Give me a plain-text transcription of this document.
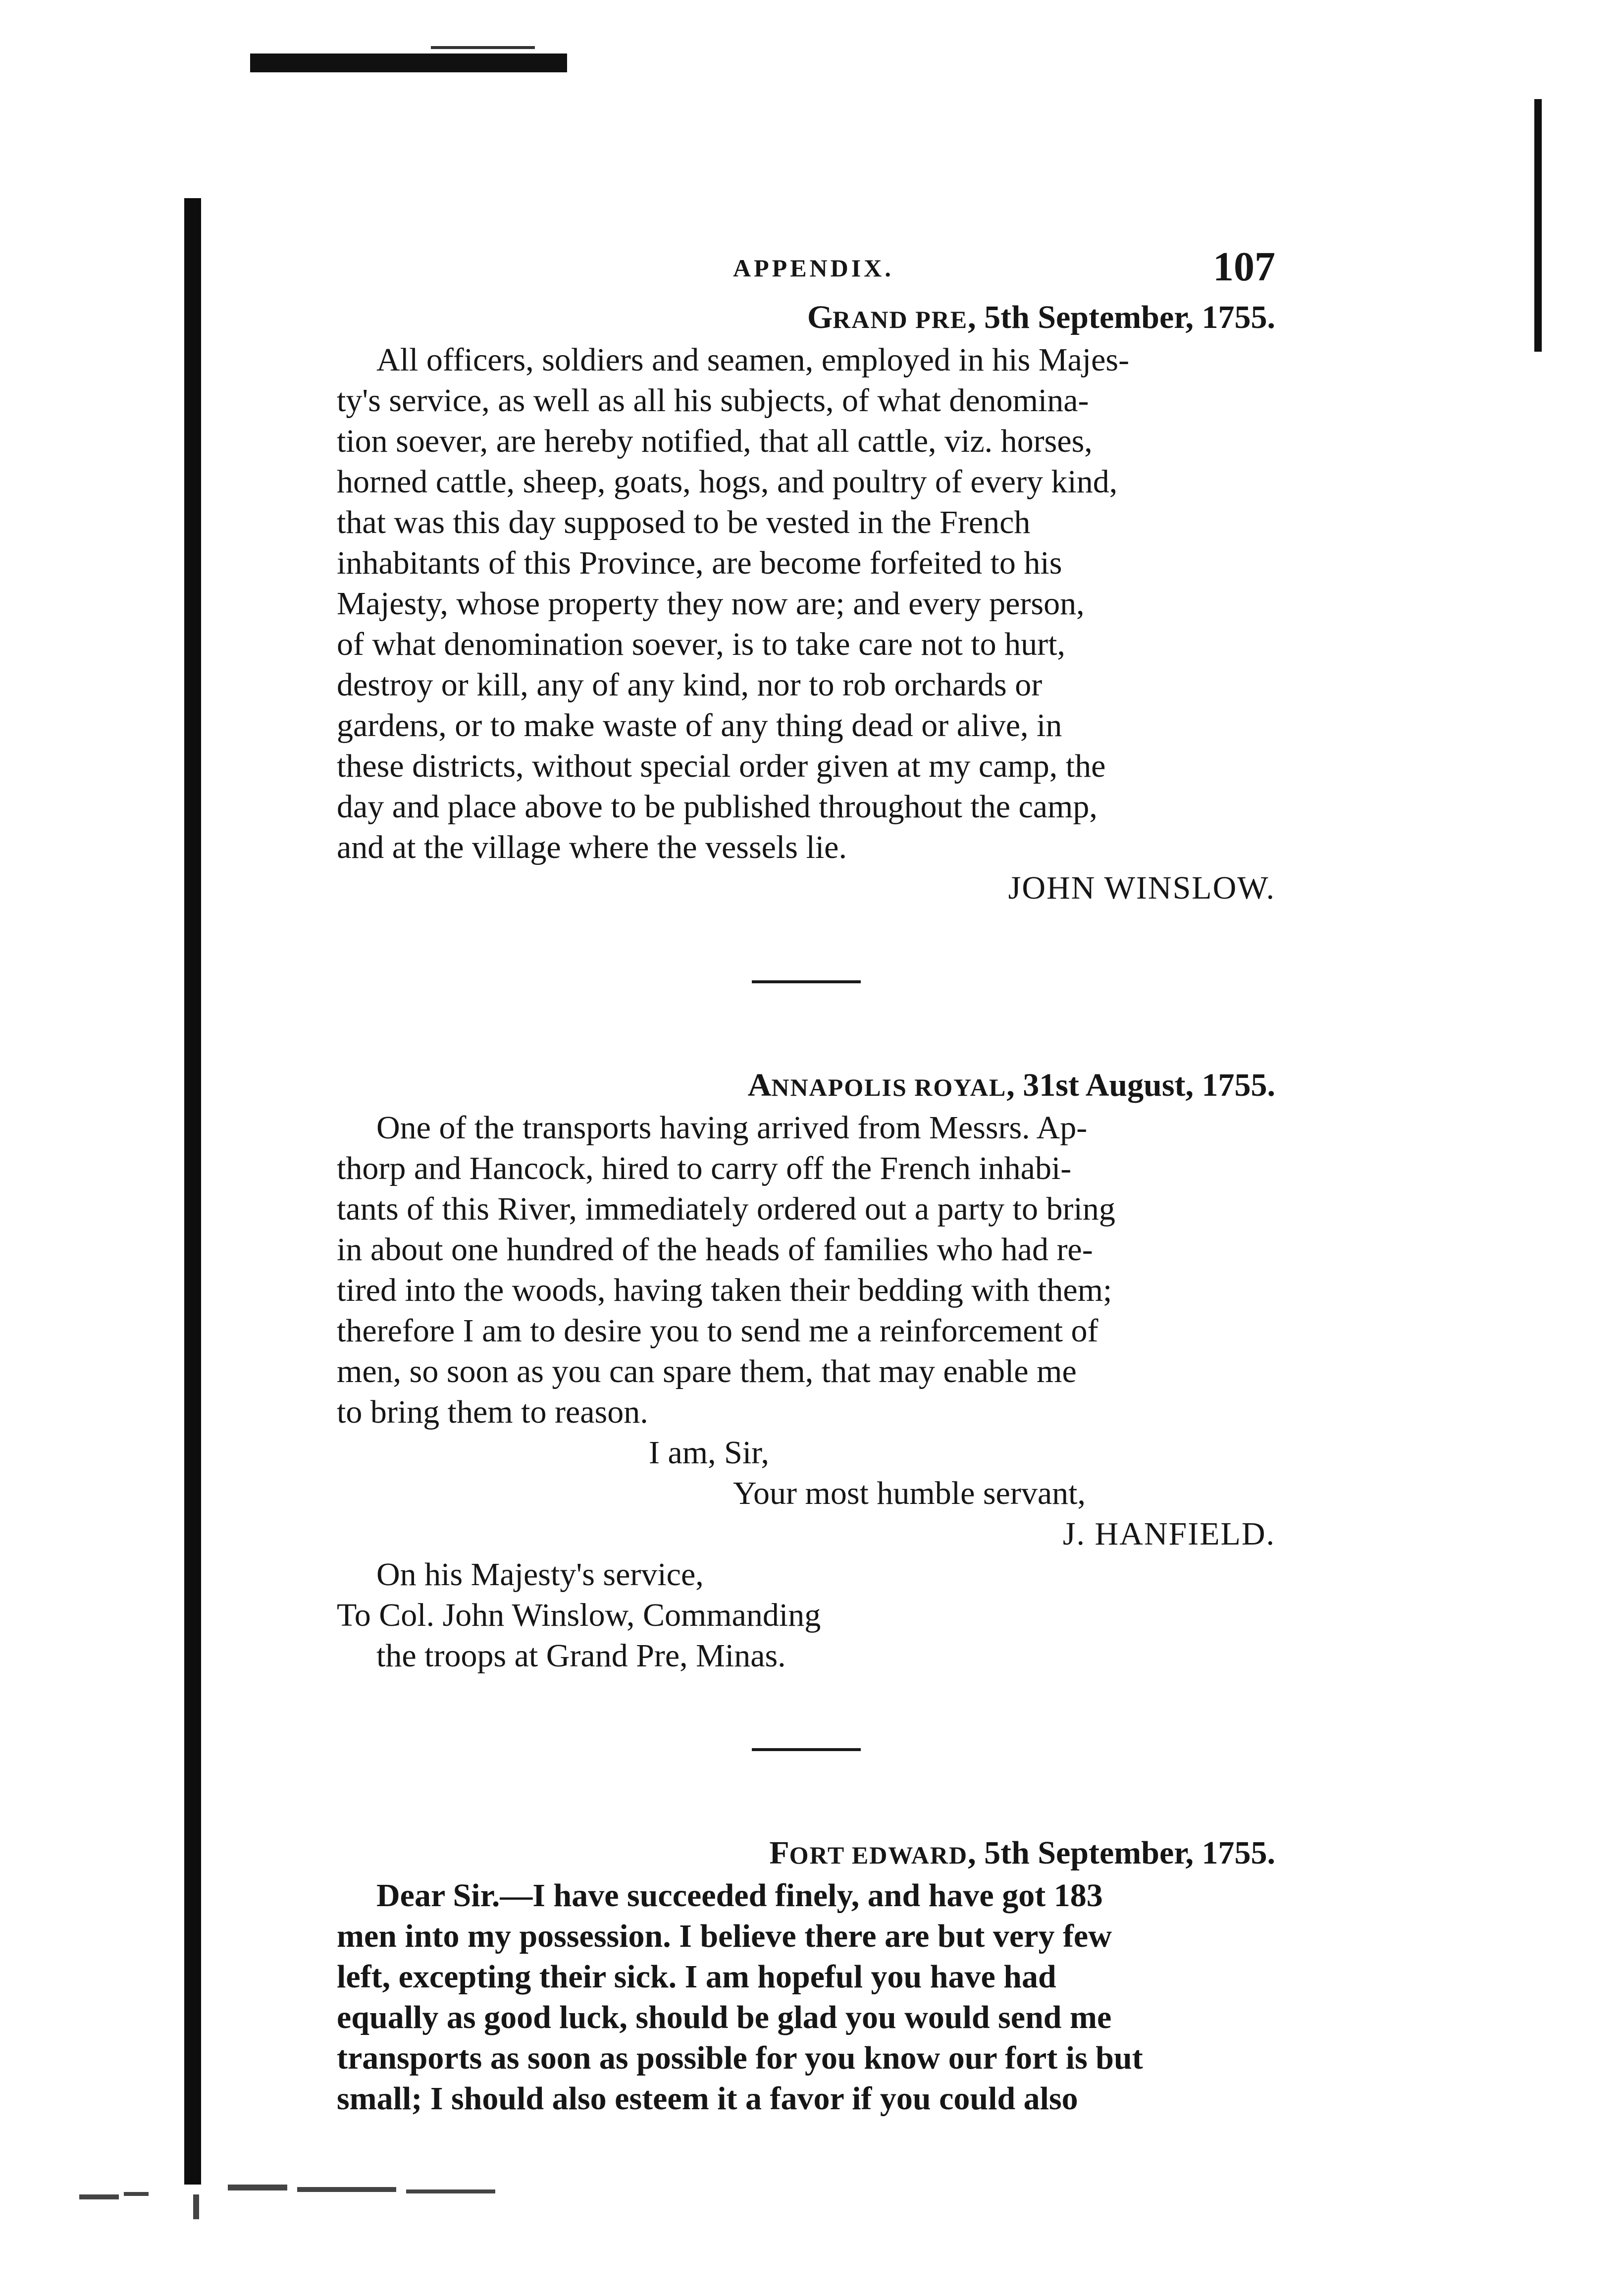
APPENDIX.	107

GRAND PRE, 5th September, 1755.

All officers, soldiers and seamen, employed in his Majes-
ty's service, as well as all his subjects, of what denomina-
tion soever, are hereby notified, that all cattle, viz. horses,
horned cattle, sheep, goats, hogs, and poultry of every kind,
that was this day supposed to be vested in the French
inhabitants of this Province, are become forfeited to his
Majesty, whose property they now are; and every person,
of what denomination soever, is to take care not to hurt,
destroy or kill, any of any kind, nor to rob orchards or
gardens, or to make waste of any thing dead or alive, in
these districts, without special order given at my camp, the
day and place above to be published throughout the camp,
and at the village where the vessels lie.

JOHN WINSLOW.

ANNAPOLIS ROYAL, 31st August, 1755.

One of the transports having arrived from Messrs. Ap-
thorp and Hancock, hired to carry off the French inhabi-
tants of this River, immediately ordered out a party to bring
in about one hundred of the heads of families who had re-
tired into the woods, having taken their bedding with them;
therefore I am to desire you to send me a reinforcement of
men, so soon as you can spare them, that may enable me
to bring them to reason.

I am, Sir,

Your most humble servant,

J. HANFIELD.

On his Majesty's service,

To Col. John Winslow, Commanding

the troops at Grand Pre, Minas.

FORT EDWARD, 5th September, 1755.

Dear Sir.—I have succeeded finely, and have got 183
men into my possession. I believe there are but very few
left, excepting their sick. I am hopeful you have had
equally as good luck, should be glad you would send me
transports as soon as possible for you know our fort is but
small; I should also esteem it a favor if you could also
